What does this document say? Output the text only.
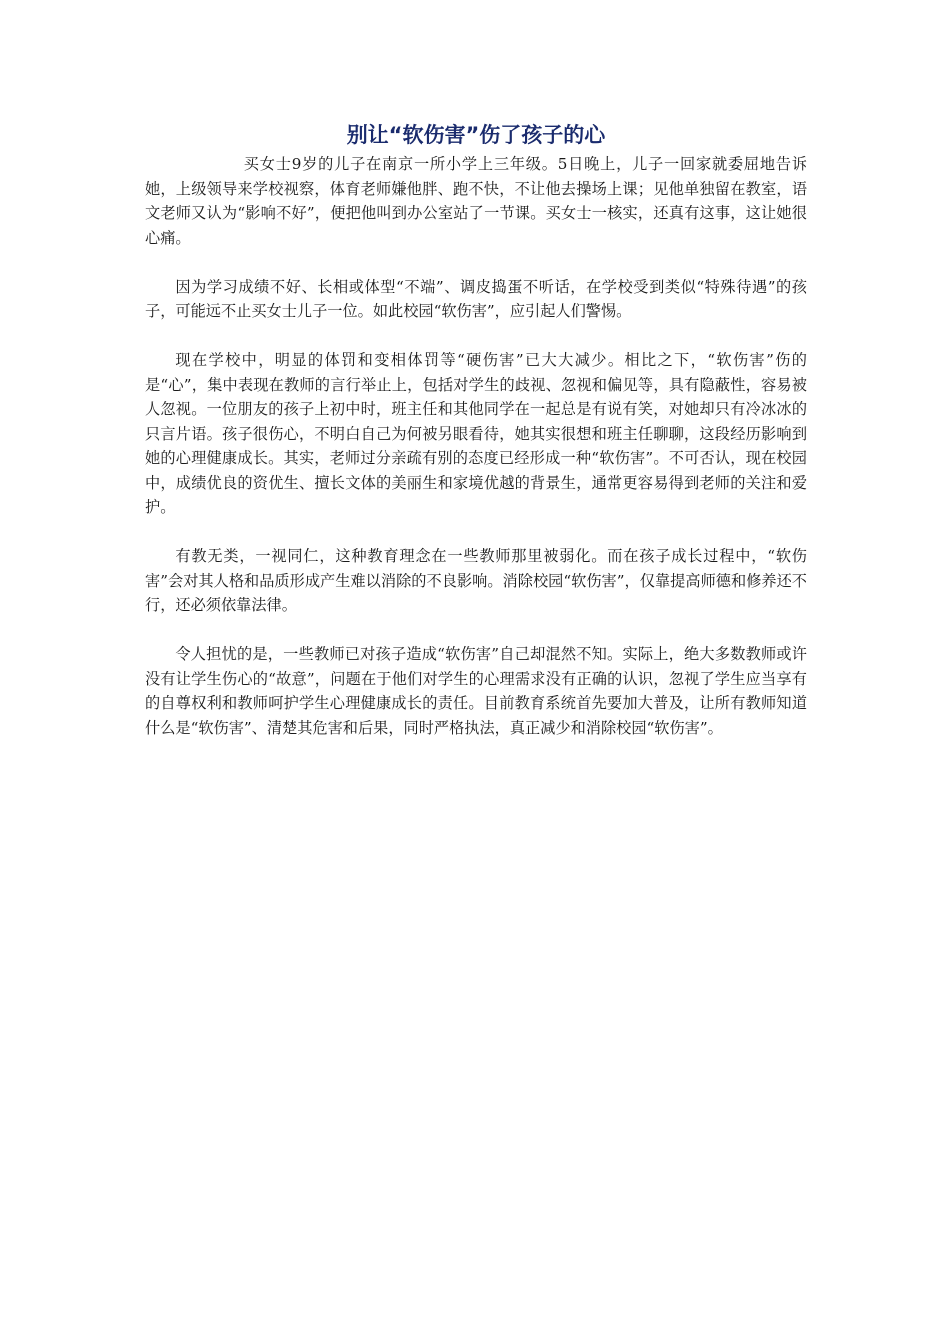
别让“软伤害”伤了孩子的心

买女士9岁的儿子在南京一所小学上三年级。5日晚上，儿子一回家就委屈地告诉她，上级领导来学校视察，体育老师嫌他胖、跑不快，不让他去操场上课；见他单独留在教室，语文老师又认为“影响不好”，便把他叫到办公室站了一节课。买女士一核实，还真有这事，这让她很心痛。

因为学习成绩不好、长相或体型“不端”、调皮捣蛋不听话，在学校受到类似“特殊待遇”的孩子，可能远不止买女士儿子一位。如此校园“软伤害”，应引起人们警惕。

现在学校中，明显的体罚和变相体罚等“硬伤害”已大大减少。相比之下，“软伤害”伤的是“心”，集中表现在教师的言行举止上，包括对学生的歧视、忽视和偏见等，具有隐蔽性，容易被人忽视。一位朋友的孩子上初中时，班主任和其他同学在一起总是有说有笑，对她却只有冷冰冰的只言片语。孩子很伤心，不明白自己为何被另眼看待，她其实很想和班主任聊聊，这段经历影响到她的心理健康成长。其实，老师过分亲疏有别的态度已经形成一种“软伤害”。不可否认，现在校园中，成绩优良的资优生、擅长文体的美丽生和家境优越的背景生，通常更容易得到老师的关注和爱护。

有教无类，一视同仁，这种教育理念在一些教师那里被弱化。而在孩子成长过程中，“软伤害”会对其人格和品质形成产生难以消除的不良影响。消除校园“软伤害”，仅靠提高师德和修养还不行，还必须依靠法律。

令人担忧的是，一些教师已对孩子造成“软伤害”自己却混然不知。实际上，绝大多数教师或许没有让学生伤心的“故意”，问题在于他们对学生的心理需求没有正确的认识，忽视了学生应当享有的自尊权利和教师呵护学生心理健康成长的责任。目前教育系统首先要加大普及，让所有教师知道什么是“软伤害”、清楚其危害和后果，同时严格执法，真正减少和消除校园“软伤害”。
